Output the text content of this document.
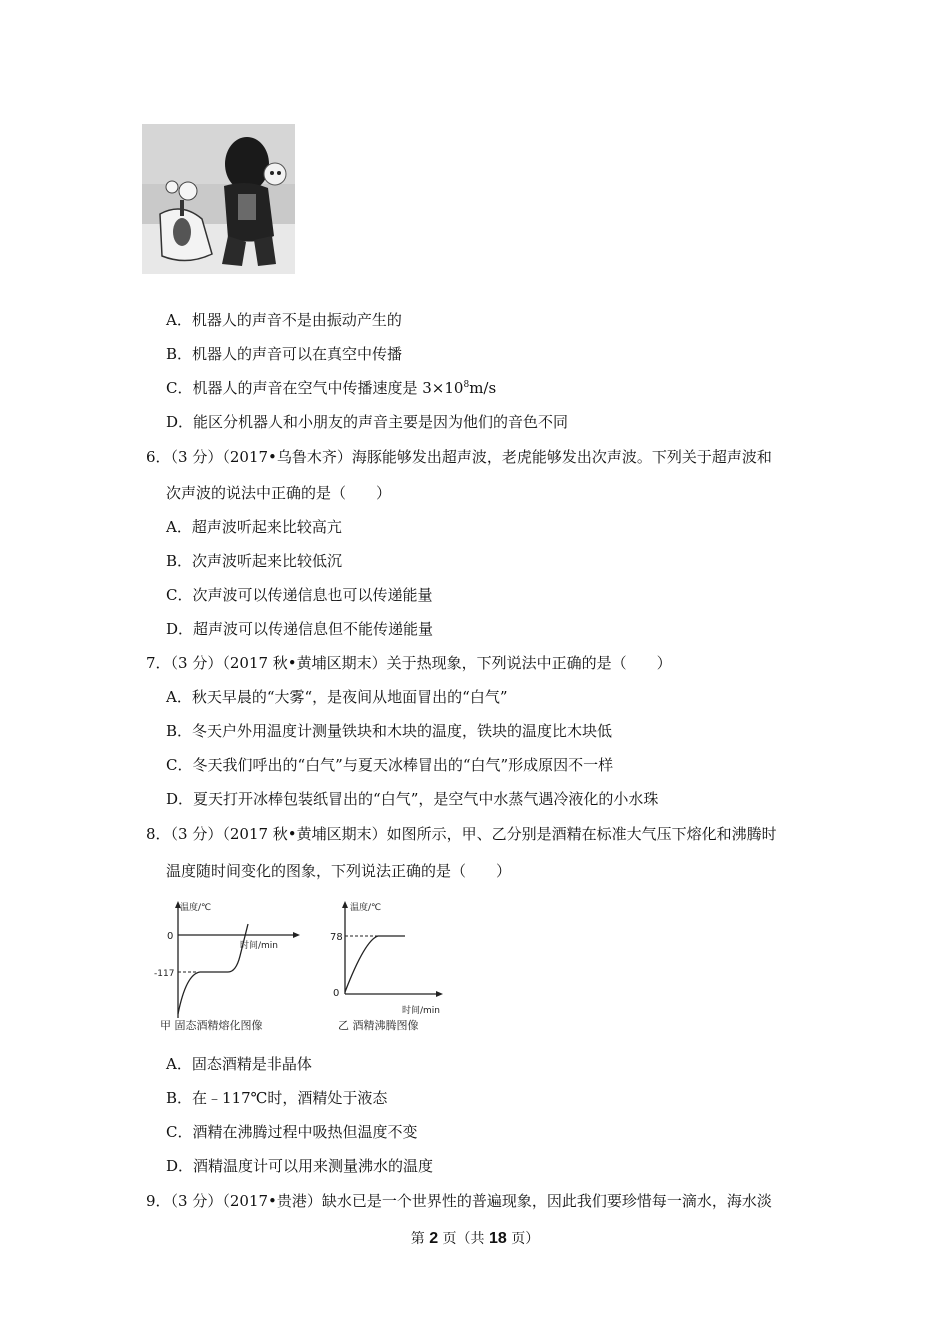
A．机器人的声音不是由振动产生的
B．机器人的声音可以在真空中传播
C．机器人的声音在空气中传播速度是 $3\times 10^8m/s$
D．能区分机器人和小朋友的声音主要是因为他们的音色不同
6．（3 分）（2017•乌鲁木齐）海豚能够发出超声波，老虎能够发出次声波。下列关于超声波和
次声波的说法中正确的是（　　）
A．超声波听起来比较高亢
B．次声波听起来比较低沉
C．次声波可以传递信息也可以传递能量
D．超声波可以传递信息但不能传递能量
7．（3 分）（2017 秋•黄埔区期末）关于热现象，下列说法中正确的是（　　）
A．秋天早晨的“大雾“，是夜间从地面冒出的“白气”
B．冬天户外用温度计测量铁块和木块的温度，铁块的温度比木块低
C．冬天我们呼出的“白气”与夏天冰棒冒出的“白气”形成原因不一样
D．夏天打开冰棒包装纸冒出的“白气”，是空气中水蒸气遇冷液化的小水珠
8．（3 分）（2017 秋•黄埔区期末）如图所示，甲、乙分别是酒精在标准大气压下熔化和沸腾时
温度随时间变化的图象，下列说法正确的是（　　）
温度/℃
时间/min
0
-117
甲 固态酒精熔化图像
温度/℃
时间/min
78
0
乙 酒精沸腾图像
A．固态酒精是非晶体
B．在﹣117℃时，酒精处于液态
C．酒精在沸腾过程中吸热但温度不变
D．酒精温度计可以用来测量沸水的温度
9．（3 分）（2017•贵港）缺水已是一个世界性的普遍现象，因此我们要珍惜每一滴水，海水淡
第 2 页（共 18 页）
